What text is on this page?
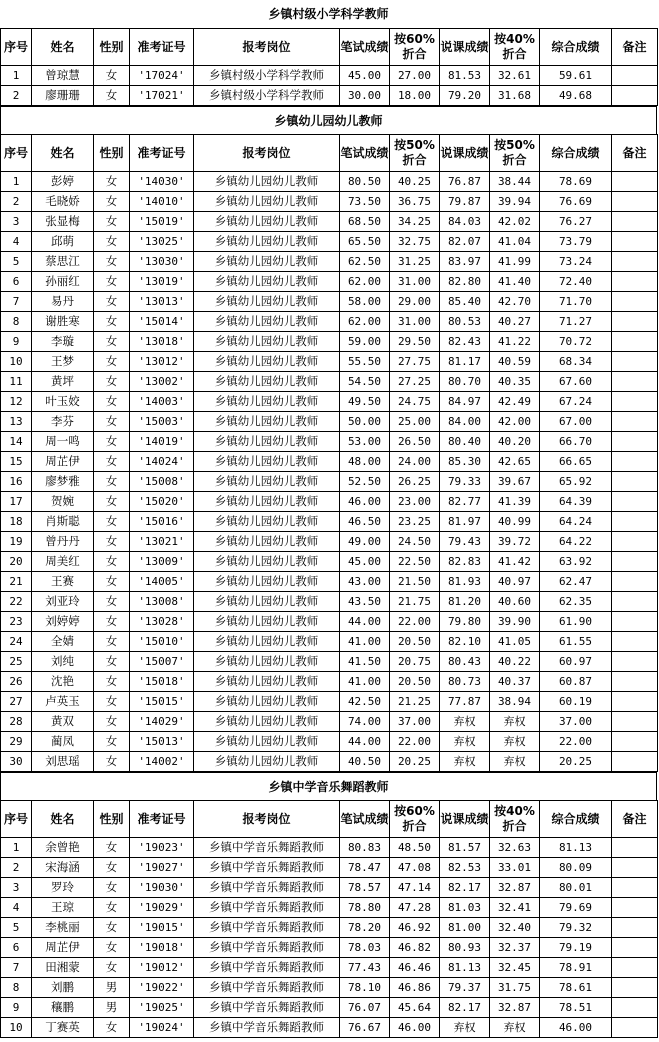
乡镇村级小学科学教师
序号	姓名	性别	准考证号	报考岗位	笔试成绩	按60%折合	说课成绩	按40%折合	综合成绩	备注
1	曾琼慧	女	'17024'	乡镇村级小学科学教师	45.00	27.00	81.53	32.61	59.61	
2	廖珊珊	女	'17021'	乡镇村级小学科学教师	30.00	18.00	79.20	31.68	49.68	
乡镇幼儿园幼儿教师
序号	姓名	性别	准考证号	报考岗位	笔试成绩	按50%折合	说课成绩	按50%折合	综合成绩	备注
1	彭婷	女	'14030'	乡镇幼儿园幼儿教师	80.50	40.25	76.87	38.44	78.69	
2	毛晓娇	女	'14010'	乡镇幼儿园幼儿教师	73.50	36.75	79.87	39.94	76.69	
3	张显梅	女	'15019'	乡镇幼儿园幼儿教师	68.50	34.25	84.03	42.02	76.27	
4	邱萌	女	'13025'	乡镇幼儿园幼儿教师	65.50	32.75	82.07	41.04	73.79	
5	蔡思江	女	'13030'	乡镇幼儿园幼儿教师	62.50	31.25	83.97	41.99	73.24	
6	孙丽红	女	'13019'	乡镇幼儿园幼儿教师	62.00	31.00	82.80	41.40	72.40	
7	易丹	女	'13013'	乡镇幼儿园幼儿教师	58.00	29.00	85.40	42.70	71.70	
8	谢胜寒	女	'15014'	乡镇幼儿园幼儿教师	62.00	31.00	80.53	40.27	71.27	
9	李璇	女	'13018'	乡镇幼儿园幼儿教师	59.00	29.50	82.43	41.22	70.72	
10	王梦	女	'13012'	乡镇幼儿园幼儿教师	55.50	27.75	81.17	40.59	68.34	
11	黄坪	女	'13002'	乡镇幼儿园幼儿教师	54.50	27.25	80.70	40.35	67.60	
12	叶玉姣	女	'14003'	乡镇幼儿园幼儿教师	49.50	24.75	84.97	42.49	67.24	
13	李芬	女	'15003'	乡镇幼儿园幼儿教师	50.00	25.00	84.00	42.00	67.00	
14	周一鸣	女	'14019'	乡镇幼儿园幼儿教师	53.00	26.50	80.40	40.20	66.70	
15	周芷伊	女	'14024'	乡镇幼儿园幼儿教师	48.00	24.00	85.30	42.65	66.65	
16	廖梦雅	女	'15008'	乡镇幼儿园幼儿教师	52.50	26.25	79.33	39.67	65.92	
17	贺婉	女	'15020'	乡镇幼儿园幼儿教师	46.00	23.00	82.77	41.39	64.39	
18	肖斯聪	女	'15016'	乡镇幼儿园幼儿教师	46.50	23.25	81.97	40.99	64.24	
19	曾丹丹	女	'13021'	乡镇幼儿园幼儿教师	49.00	24.50	79.43	39.72	64.22	
20	周美红	女	'13009'	乡镇幼儿园幼儿教师	45.00	22.50	82.83	41.42	63.92	
21	王赛	女	'14005'	乡镇幼儿园幼儿教师	43.00	21.50	81.93	40.97	62.47	
22	刘亚玲	女	'13008'	乡镇幼儿园幼儿教师	43.50	21.75	81.20	40.60	62.35	
23	刘婷婷	女	'13028'	乡镇幼儿园幼儿教师	44.00	22.00	79.80	39.90	61.90	
24	全婧	女	'15010'	乡镇幼儿园幼儿教师	41.00	20.50	82.10	41.05	61.55	
25	刘纯	女	'15007'	乡镇幼儿园幼儿教师	41.50	20.75	80.43	40.22	60.97	
26	沈艳	女	'15018'	乡镇幼儿园幼儿教师	41.00	20.50	80.73	40.37	60.87	
27	卢英玉	女	'15015'	乡镇幼儿园幼儿教师	42.50	21.25	77.87	38.94	60.19	
28	黄双	女	'14029'	乡镇幼儿园幼儿教师	74.00	37.00	弃权	弃权	37.00	
29	蔺凤	女	'15013'	乡镇幼儿园幼儿教师	44.00	22.00	弃权	弃权	22.00	
30	刘思瑶	女	'14002'	乡镇幼儿园幼儿教师	40.50	20.25	弃权	弃权	20.25	
乡镇中学音乐舞蹈教师
序号	姓名	性别	准考证号	报考岗位	笔试成绩	按60%折合	说课成绩	按40%折合	综合成绩	备注
1	余曾艳	女	'19023'	乡镇中学音乐舞蹈教师	80.83	48.50	81.57	32.63	81.13	
2	宋海涵	女	'19027'	乡镇中学音乐舞蹈教师	78.47	47.08	82.53	33.01	80.09	
3	罗玲	女	'19030'	乡镇中学音乐舞蹈教师	78.57	47.14	82.17	32.87	80.01	
4	王琼	女	'19029'	乡镇中学音乐舞蹈教师	78.80	47.28	81.03	32.41	79.69	
5	李桃丽	女	'19015'	乡镇中学音乐舞蹈教师	78.20	46.92	81.00	32.40	79.32	
6	周芷伊	女	'19018'	乡镇中学音乐舞蹈教师	78.03	46.82	80.93	32.37	79.19	
7	田湘蒙	女	'19012'	乡镇中学音乐舞蹈教师	77.43	46.46	81.13	32.45	78.91	
8	刘鹏	男	'19022'	乡镇中学音乐舞蹈教师	78.10	46.86	79.37	31.75	78.61	
9	穰鹏	男	'19025'	乡镇中学音乐舞蹈教师	76.07	45.64	82.17	32.87	78.51	
10	丁赛英	女	'19024'	乡镇中学音乐舞蹈教师	76.67	46.00	弃权	弃权	46.00	
